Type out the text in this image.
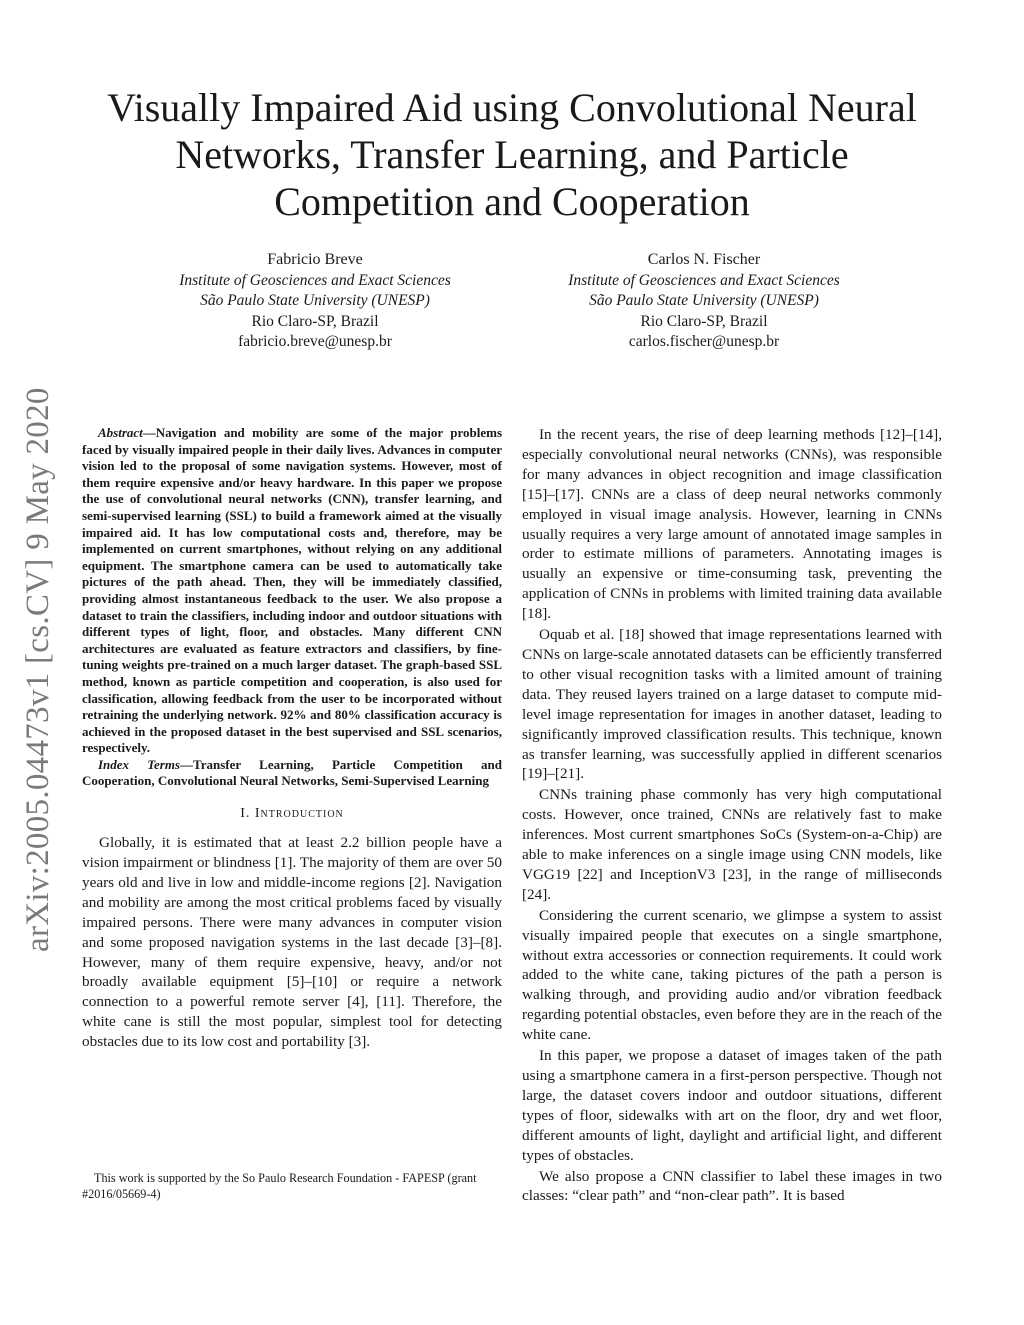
arXiv:2005.04473v1 [cs.CV] 9 May 2020
Visually Impaired Aid using Convolutional Neural
Networks, Transfer Learning, and Particle
Competition and Cooperation
Fabricio Breve
Institute of Geosciences and Exact Sciences
São Paulo State University (UNESP)
Rio Claro-SP, Brazil
fabricio.breve@unesp.br
Carlos N. Fischer
Institute of Geosciences and Exact Sciences
São Paulo State University (UNESP)
Rio Claro-SP, Brazil
carlos.fischer@unesp.br

Abstract—Navigation and mobility are some of the major problems faced by visually impaired people in their daily lives. Advances in computer vision led to the proposal of some navigation systems. However, most of them require expensive and/or heavy hardware. In this paper we propose the use of convolutional neural networks (CNN), transfer learning, and semi-supervised learning (SSL) to build a framework aimed at the visually impaired aid. It has low computational costs and, therefore, may be implemented on current smartphones, without relying on any additional equipment. The smartphone camera can be used to automatically take pictures of the path ahead. Then, they will be immediately classified, providing almost instantaneous feedback to the user. We also propose a dataset to train the classifiers, including indoor and outdoor situations with different types of light, floor, and obstacles. Many different CNN architectures are evaluated as feature extractors and classifiers, by fine-tuning weights pre-trained on a much larger dataset. The graph-based SSL method, known as particle competition and cooperation, is also used for classification, allowing feedback from the user to be incorporated without retraining the underlying network. 92% and 80% classification accuracy is achieved in the proposed dataset in the best supervised and SSL scenarios, respectively.

Index Terms—Transfer Learning, Particle Competition and Cooperation, Convolutional Neural Networks, Semi-Supervised Learning

I. Introduction

Globally, it is estimated that at least 2.2 billion people have a vision impairment or blindness [1]. The majority of them are over 50 years old and live in low and middle-income regions [2]. Navigation and mobility are among the most critical problems faced by visually impaired persons. There were many advances in computer vision and some proposed navigation systems in the last decade [3]–[8]. However, many of them require expensive, heavy, and/or not broadly available equipment [5]–[10] or require a network connection to a powerful remote server [4], [11]. Therefore, the white cane is still the most popular, simplest tool for detecting obstacles due to its low cost and portability [3].

This work is supported by the So Paulo Research Foundation - FAPESP (grant #2016/05669-4)

In the recent years, the rise of deep learning methods [12]–[14], especially convolutional neural networks (CNNs), was responsible for many advances in object recognition and image classification [15]–[17]. CNNs are a class of deep neural networks commonly employed in visual image analysis. However, learning in CNNs usually requires a very large amount of annotated image samples in order to estimate millions of parameters. Annotating images is usually an expensive or time-consuming task, preventing the application of CNNs in problems with limited training data available [18].

Oquab et al. [18] showed that image representations learned with CNNs on large-scale annotated datasets can be efficiently transferred to other visual recognition tasks with a limited amount of training data. They reused layers trained on a large dataset to compute mid-level image representation for images in another dataset, leading to significantly improved classification results. This technique, known as transfer learning, was successfully applied in different scenarios [19]–[21].

CNNs training phase commonly has very high computational costs. However, once trained, CNNs are relatively fast to make inferences. Most current smartphones SoCs (System-on-a-Chip) are able to make inferences on a single image using CNN models, like VGG19 [22] and InceptionV3 [23], in the range of milliseconds [24].

Considering the current scenario, we glimpse a system to assist visually impaired people that executes on a single smartphone, without extra accessories or connection requirements. It could work added to the white cane, taking pictures of the path a person is walking through, and providing audio and/or vibration feedback regarding potential obstacles, even before they are in the reach of the white cane.

In this paper, we propose a dataset of images taken of the path using a smartphone camera in a first-person perspective. Though not large, the dataset covers indoor and outdoor situations, different types of floor, sidewalks with art on the floor, dry and wet floor, different amounts of light, daylight and artificial light, and different types of obstacles.

We also propose a CNN classifier to label these images in two classes: “clear path” and “non-clear path”. It is based
